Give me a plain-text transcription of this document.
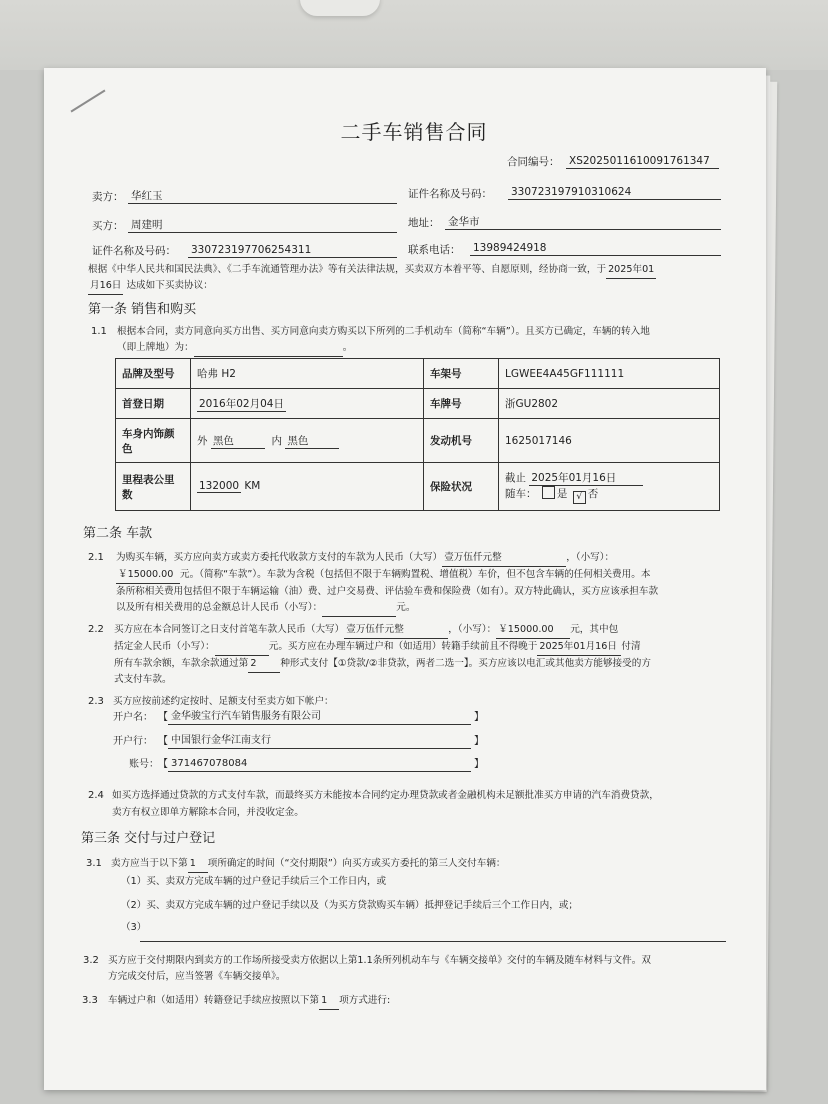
二手车销售合同
合同编号： XS2025011610091761347
卖方： 华红玉	证件名称及号码： 330723197910310624
买方： 周建明	地址： 金华市
证件名称及号码： 330723197706254311	联系电话： 13989424918
根据《中华人民共和国民法典》、《二手车流通管理办法》等有关法律法规，买卖双方本着平等、自愿原则，经协商一致，于 2025年01
月16日 达成如下买卖协议：
第一条 销售和购买
1.1 根据本合同，卖方同意向买方出售、买方同意向卖方购买以下所列的二手机动车（简称“车辆”）。且买方已确定，车辆的转入地
（即上牌地）为：	。
品牌及型号	哈弗 H2	车架号	LGWEE4A45GF111111
首登日期	2016年02月04日	车牌号	浙GU2802
车身内饰颜色	外 黑色 内 黑色	发动机号	1625017146
里程表公里数	132000 KM	保险状况	截止 2025年01月16日
随车： 是 √ 否
第二条 车款
2.1 为购买车辆，买方应向卖方或卖方委托代收款方支付的车款为人民币（大写） 壹万伍仟元整	，（小写）：
￥15000.00 元。（简称“车款”）。车款为含税（包括但不限于车辆购置税、增值税）车价，但不包含车辆的任何相关费用。本
条所称相关费用包括但不限于车辆运输（油）费、过户交易费、评估验车费和保险费（如有）。双方特此确认，买方应该承担车款
以及所有相关费用的总金额总计人民币（小写）：	元。
2.2 买方应在本合同签订之日支付首笔车款人民币（大写） 壹万伍仟元整	，（小写）： ￥15000.00 元，其中包
括定金人民币（小写）：	元。买方应在办理车辆过户和（如适用）转籍手续前且不得晚于 2025年01月16日 付清
所有车款余额，车款余款通过第 2 种形式支付【①贷款/②非贷款，两者二选一】。买方应该以电汇或其他卖方能够接受的方
式支付车款。
2.3 买方应按前述约定按时、足额支付至卖方如下帐户：
开户名： 【 金华骏宝行汽车销售服务有限公司	】
开户行： 【 中国银行金华江南支行	】
账号： 【 371467078084	】
2.4 如买方选择通过贷款的方式支付车款，而最终买方未能按本合同约定办理贷款或者金融机构未足额批准买方申请的汽车消费贷款，
卖方有权立即单方解除本合同，并没收定金。
第三条 交付与过户登记
3.1 卖方应当于以下第 1 项所确定的时间（“交付期限”）向买方或买方委托的第三人交付车辆：
（1）买、卖双方完成车辆的过户登记手续后三个工作日内，或
（2）买、卖双方完成车辆的过户登记手续以及（为买方贷款购买车辆）抵押登记手续后三个工作日内，或；
（3）
3.2 买方应于交付期限内到卖方的工作场所接受卖方依据以上第1.1条所列机动车与《车辆交接单》交付的车辆及随车材料与文件。双
方完成交付后，应当签署《车辆交接单》。
3.3 车辆过户和（如适用）转籍登记手续应按照以下第 1 项方式进行:
